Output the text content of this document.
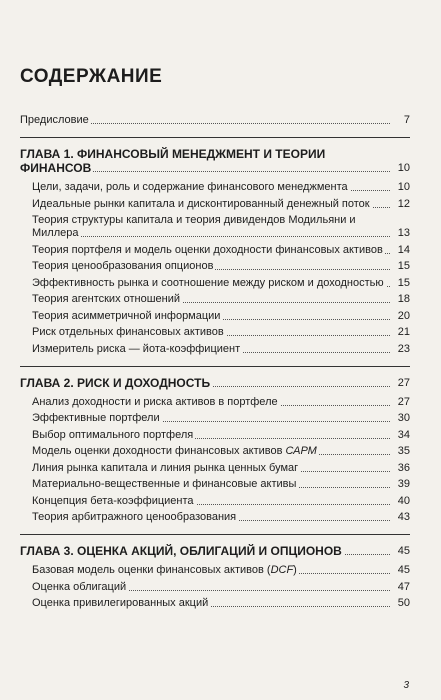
СОДЕРЖАНИЕ
Предисловие	7
ГЛАВА 1. ФИНАНСОВЫЙ МЕНЕДЖМЕНТ И ТЕОРИИ ФИНАНСОВ	10
Цели, задачи, роль и содержание финансового менеджмента	10
Идеальные рынки капитала и дисконтированный денежный поток	12
Теория структуры капитала и теория дивидендов Модильяни и Миллера	13
Теория портфеля и модель оценки доходности финансовых активов	14
Теория ценообразования опционов	15
Эффективность рынка и соотношение между риском и доходностью	15
Теория агентских отношений	18
Теория асимметричной информации	20
Риск отдельных финансовых активов	21
Измеритель риска — йота-коэффициент	23
ГЛАВА 2. РИСК И ДОХОДНОСТЬ	27
Анализ доходности и риска активов в портфеле	27
Эффективные портфели	30
Выбор оптимального портфеля	34
Модель оценки доходности финансовых активов САРМ	35
Линия рынка капитала и линия рынка ценных бумаг	36
Материально-вещественные и финансовые активы	39
Концепция бета-коэффициента	40
Теория арбитражного ценообразования	43
ГЛАВА 3. ОЦЕНКА АКЦИЙ, ОБЛИГАЦИЙ И ОПЦИОНОВ	45
Базовая модель оценки финансовых активов (DCF)	45
Оценка облигаций	47
Оценка привилегированных акций	50
3
